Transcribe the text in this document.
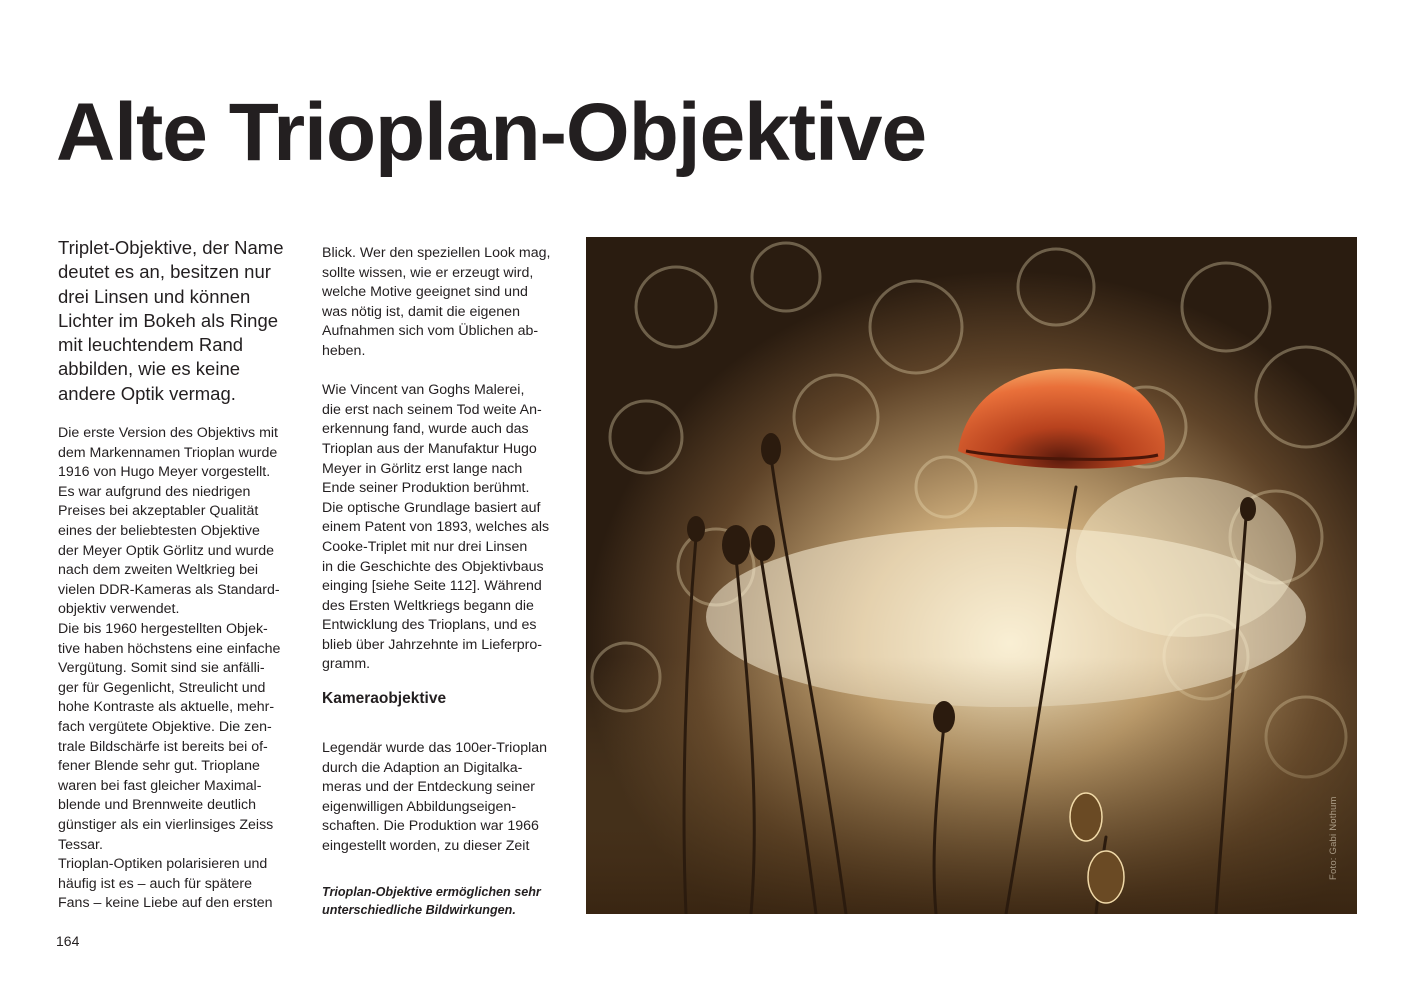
Alte Trioplan-Objektive
Triplet-Objektive, der Name
deutet es an, besitzen nur
drei Linsen und können
Lichter im Bokeh als Ringe
mit leuchtendem Rand
abbilden, wie es keine
andere Optik vermag.
Die erste Version des Objektivs mit
dem Markennamen Trioplan wurde
1916 von Hugo Meyer vorgestellt.
Es war aufgrund des niedrigen
Preises bei akzeptabler Qualität
eines der beliebtesten Objektive
der Meyer Optik Görlitz und wurde
nach dem zweiten Weltkrieg bei
vielen DDR-Kameras als Standard-
objektiv verwendet.
Die bis 1960 hergestellten Objek-
tive haben höchstens eine einfache
Vergütung. Somit sind sie anfälli-
ger für Gegenlicht, Streulicht und
hohe Kontraste als aktuelle, mehr-
fach vergütete Objektive. Die zen-
trale Bildschärfe ist bereits bei of-
fener Blende sehr gut. Trioplane
waren bei fast gleicher Maximal-
blende und Brennweite deutlich
günstiger als ein vierlinsiges Zeiss
Tessar.
Trioplan-Optiken polarisieren und
häufig ist es – auch für spätere
Fans – keine Liebe auf den ersten
Blick. Wer den speziellen Look mag,
sollte wissen, wie er erzeugt wird,
welche Motive geeignet sind und
was nötig ist, damit die eigenen
Aufnahmen sich vom Üblichen ab-
heben.
Wie Vincent van Goghs Malerei,
die erst nach seinem Tod weite An-
erkennung fand, wurde auch das
Trioplan aus der Manufaktur Hugo
Meyer in Görlitz erst lange nach
Ende seiner Produktion berühmt.
Die optische Grundlage basiert auf
einem Patent von 1893, welches als
Cooke-Triplet mit nur drei Linsen
in die Geschichte des Objektivbaus
einging [siehe Seite 112]. Während
des Ersten Weltkriegs begann die
Entwicklung des Trioplans, und es
blieb über Jahrzehnte im Lieferpro-
gramm.
Kameraobjektive
Legendär wurde das 100er-Trioplan
durch die Adaption an Digitalka-
meras und der Entdeckung seiner
eigenwilligen Abbildungseigen-
schaften. Die Produktion war 1966
eingestellt worden, zu dieser Zeit
Trioplan-Objektive ermöglichen sehr
unterschiedliche Bildwirkungen.
Foto: Gabi Nothum
164
